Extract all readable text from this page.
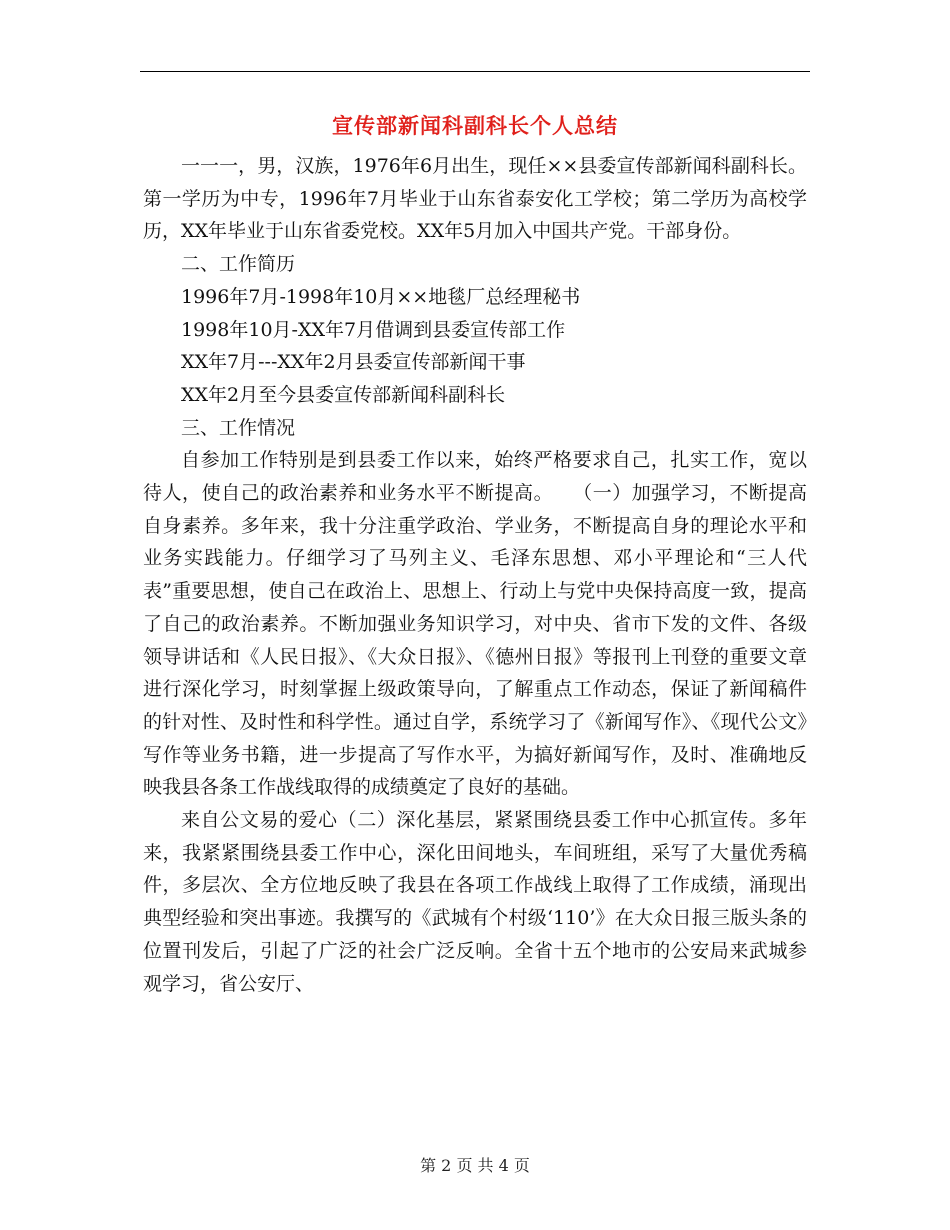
宣传部新闻科副科长个人总结

一一一，男，汉族，1976年6月出生，现任××县委宣传部新闻科副科长。第一学历为中专，1996年7月毕业于山东省泰安化工学校；第二学历为高校学历，XX年毕业于山东省委党校。XX年5月加入中国共产党。干部身份。

二、工作简历

1996年7月-1998年10月××地毯厂总经理秘书

1998年10月-XX年7月借调到县委宣传部工作

XX年7月---XX年2月县委宣传部新闻干事

XX年2月至今县委宣传部新闻科副科长

三、工作情况

自参加工作特别是到县委工作以来，始终严格要求自己，扎实工作，宽以待人，使自己的政治素养和业务水平不断提高。　　（一）加强学习，不断提高自身素养。多年来，我十分注重学政治、学业务，不断提高自身的理论水平和业务实践能力。仔细学习了马列主义、毛泽东思想、邓小平理论和“三人代表”重要思想，使自己在政治上、思想上、行动上与党中央保持高度一致，提高了自己的政治素养。不断加强业务知识学习，对中央、省市下发的文件、各级领导讲话和《人民日报》、《大众日报》、《德州日报》等报刊上刊登的重要文章进行深化学习，时刻掌握上级政策导向，了解重点工作动态，保证了新闻稿件的针对性、及时性和科学性。通过自学，系统学习了《新闻写作》、《现代公文》写作等业务书籍，进一步提高了写作水平，为搞好新闻写作，及时、准确地反映我县各条工作战线取得的成绩奠定了良好的基础。

来自公文易的爱心（二）深化基层，紧紧围绕县委工作中心抓宣传。多年来，我紧紧围绕县委工作中心，深化田间地头，车间班组，采写了大量优秀稿件，多层次、全方位地反映了我县在各项工作战线上取得了工作成绩，涌现出典型经验和突出事迹。我撰写的《武城有个村级‘110’》在大众日报三版头条的位置刊发后，引起了广泛的社会广泛反响。全省十五个地市的公安局来武城参观学习，省公安厅、

第 2 页 共 4 页
